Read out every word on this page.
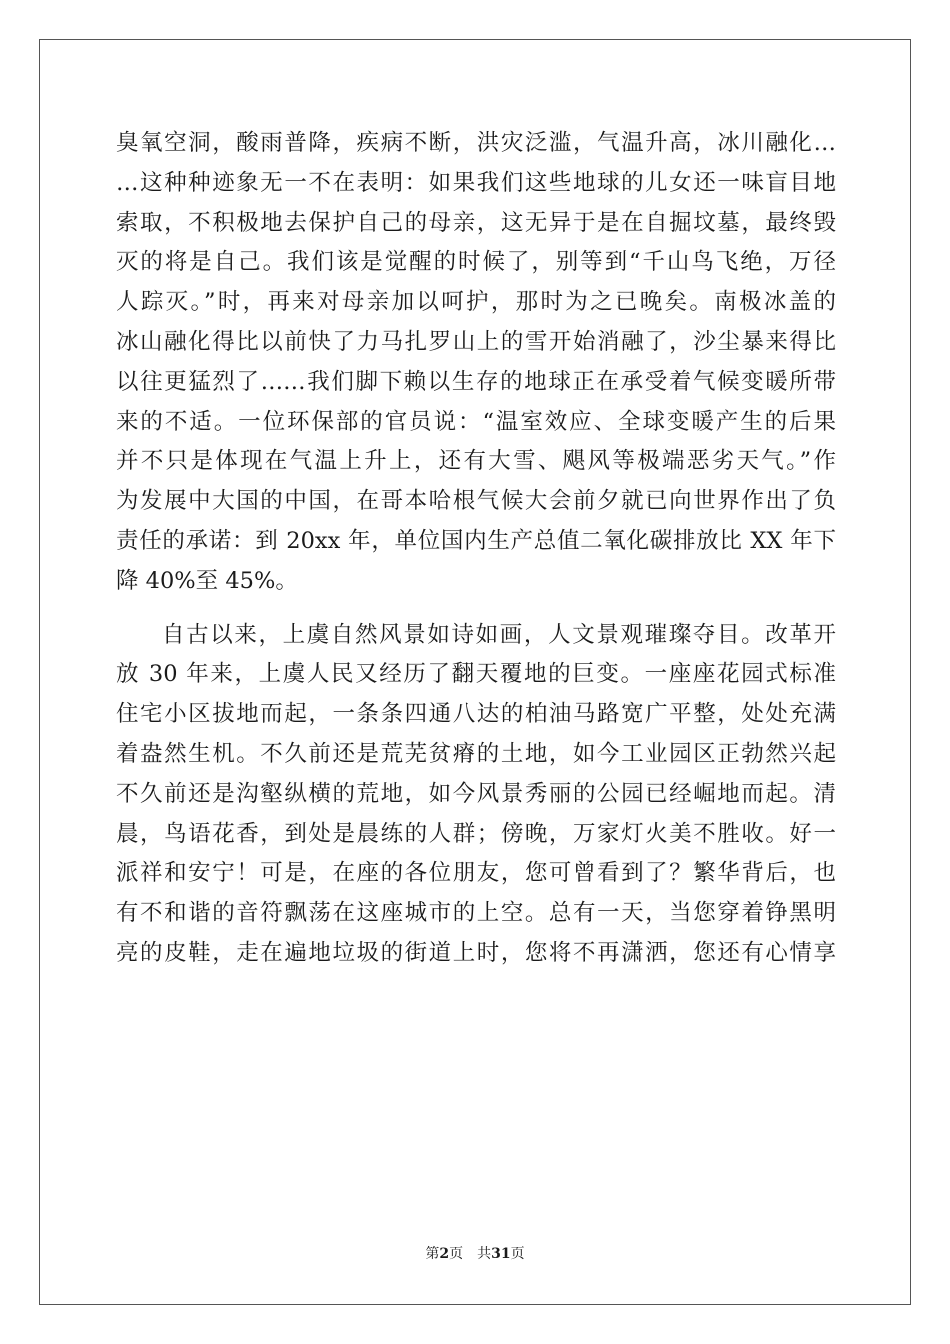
臭氧空洞，酸雨普降，疾病不断，洪灾泛滥，气温升高，冰川融化…
…这种种迹象无一不在表明：如果我们这些地球的儿女还一味盲目地
索取，不积极地去保护自己的母亲，这无异于是在自掘坟墓，最终毁
灭的将是自己。我们该是觉醒的时候了，别等到“千山鸟飞绝，万径
人踪灭。”时，再来对母亲加以呵护，那时为之已晚矣。南极冰盖的
冰山融化得比以前快了力马扎罗山上的雪开始消融了，沙尘暴来得比
以往更猛烈了……我们脚下赖以生存的地球正在承受着气候变暖所带
来的不适。一位环保部的官员说：“温室效应、全球变暖产生的后果
并不只是体现在气温上升上，还有大雪、飓风等极端恶劣天气。”作
为发展中大国的中国，在哥本哈根气候大会前夕就已向世界作出了负
责任的承诺：到 20xx 年，单位国内生产总值二氧化碳排放比 XX 年下
降 40%至 45%。
自古以来，上虞自然风景如诗如画，人文景观璀璨夺目。改革开
放 30 年来，上虞人民又经历了翻天覆地的巨变。一座座花园式标准
住宅小区拔地而起，一条条四通八达的柏油马路宽广平整，处处充满
着盎然生机。不久前还是荒芜贫瘠的土地，如今工业园区正勃然兴起
不久前还是沟壑纵横的荒地，如今风景秀丽的公园已经崛地而起。清
晨，鸟语花香，到处是晨练的人群；傍晚，万家灯火美不胜收。好一
派祥和安宁！可是，在座的各位朋友，您可曾看到了？繁华背后，也
有不和谐的音符飘荡在这座城市的上空。总有一天，当您穿着铮黑明
亮的皮鞋，走在遍地垃圾的街道上时，您将不再潇洒，您还有心情享
第2页 共31页
